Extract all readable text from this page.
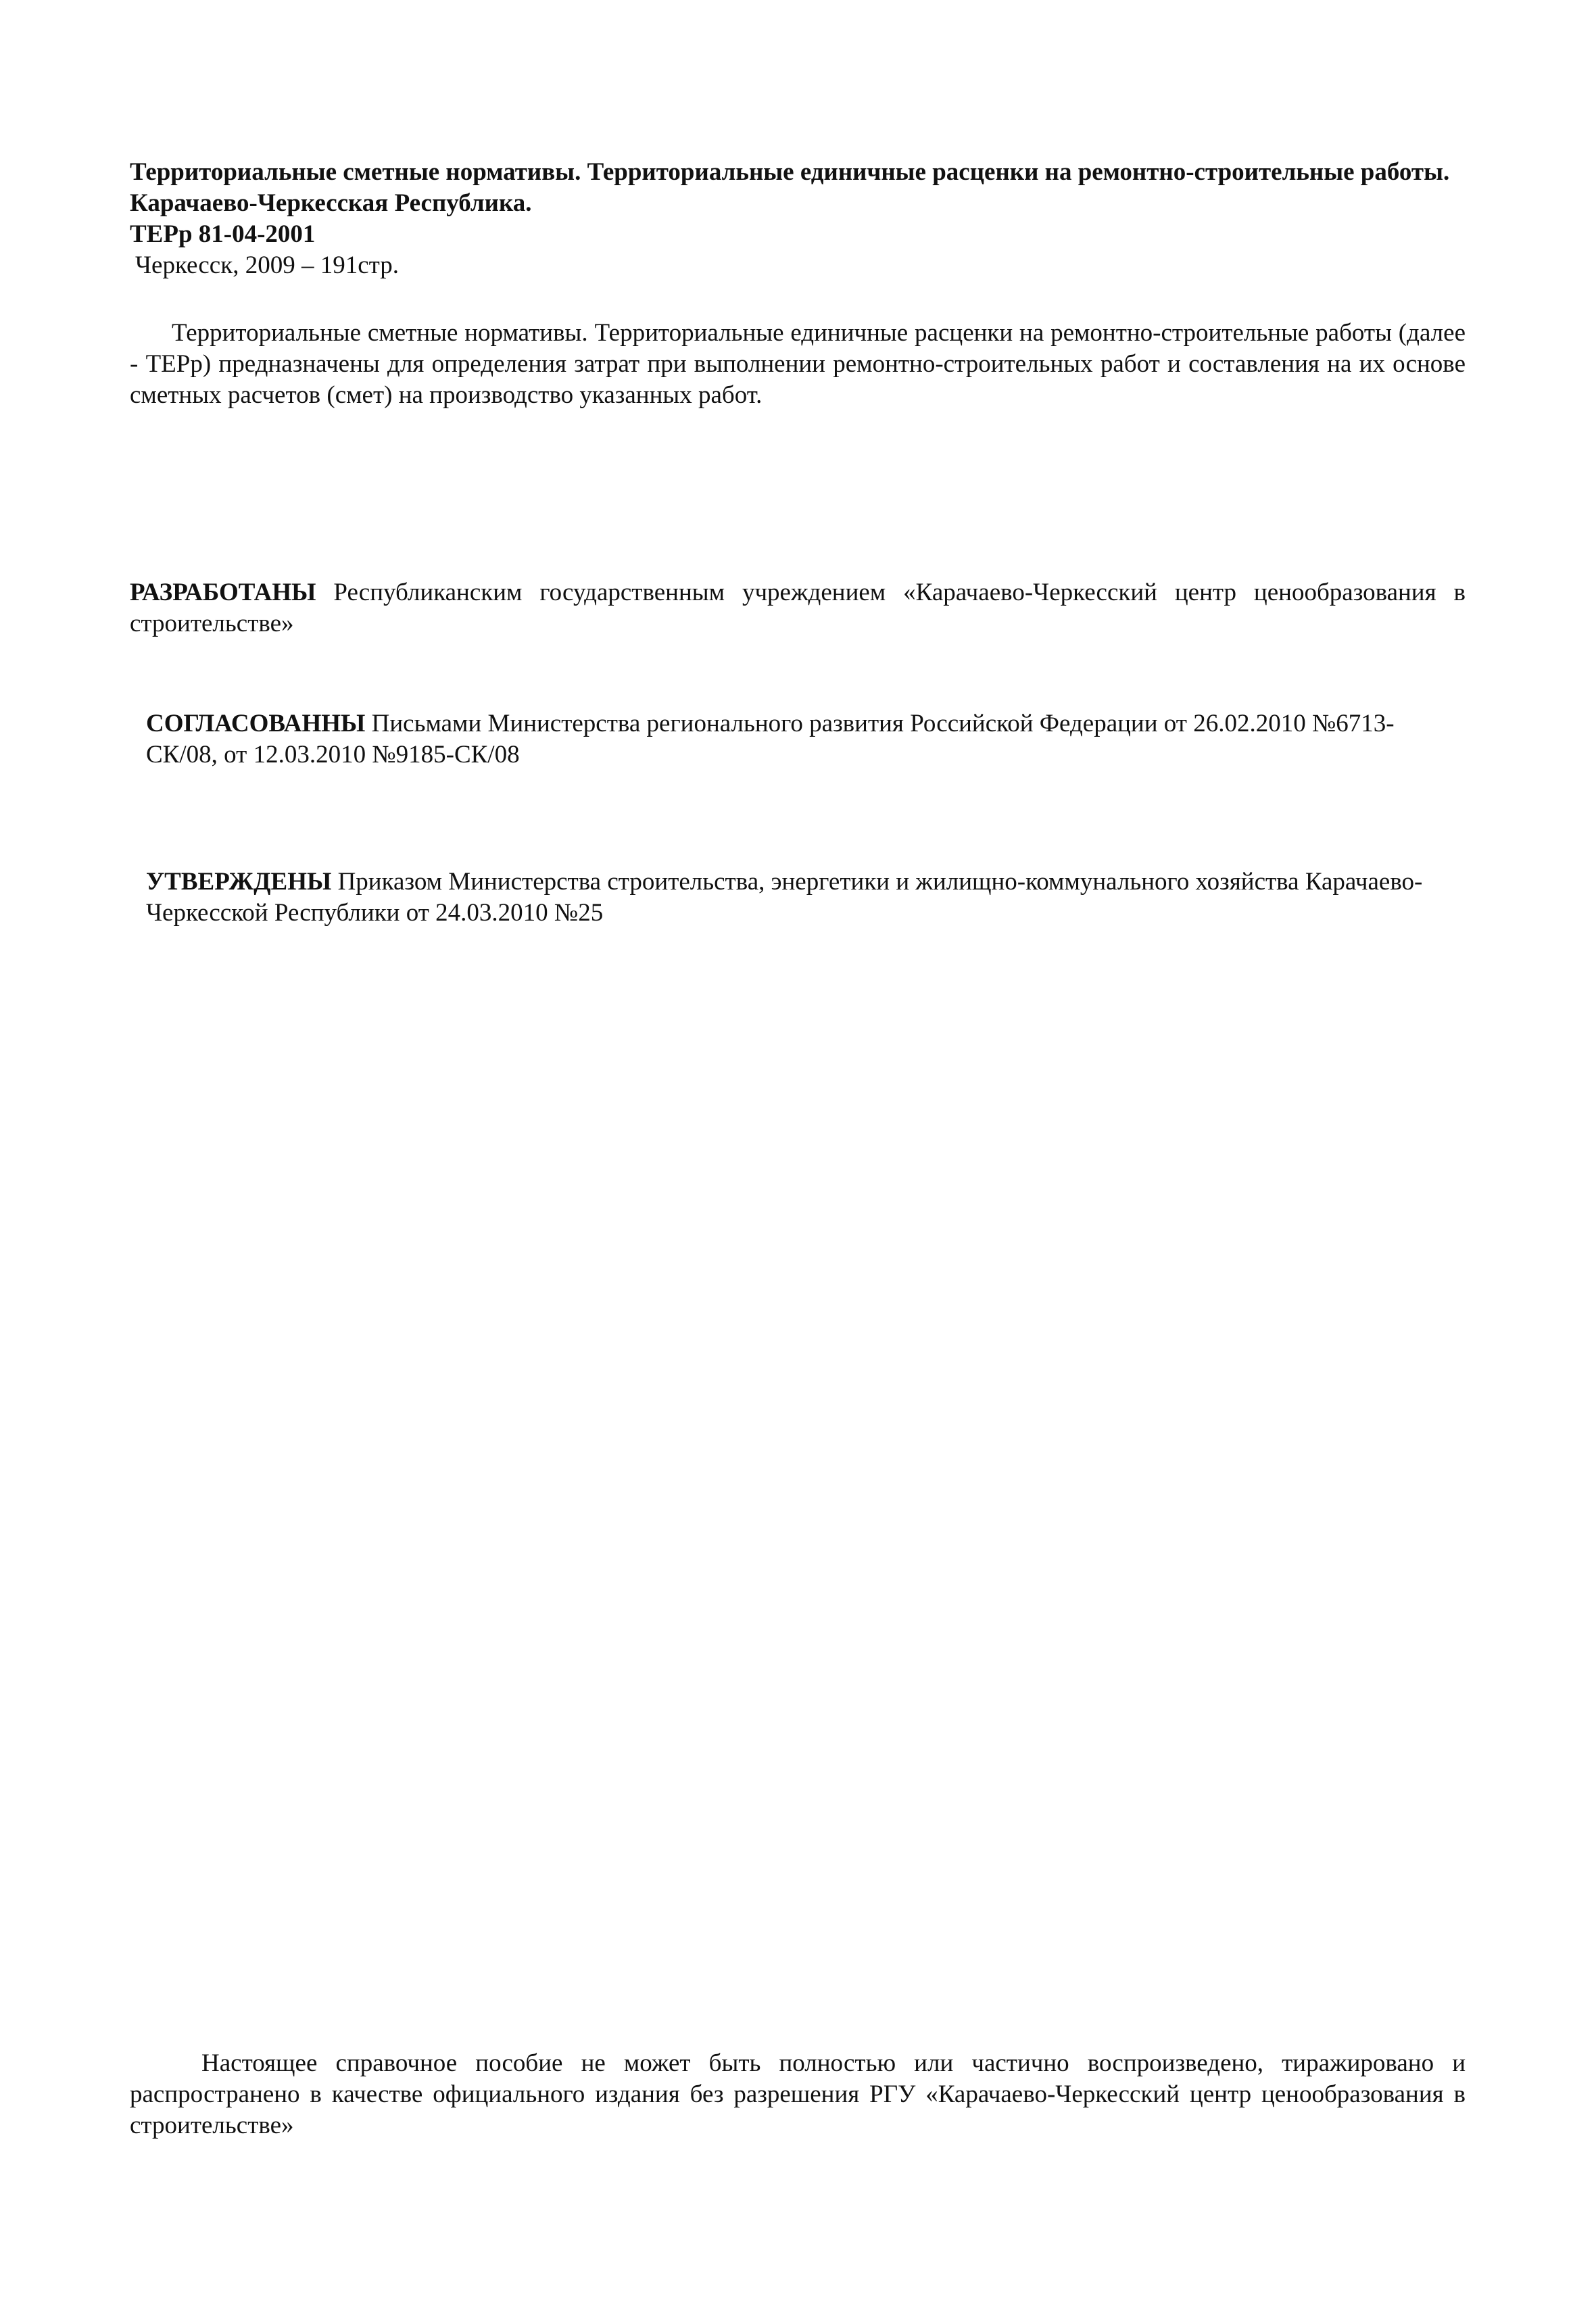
Территориальные сметные нормативы. Территориальные единичные расценки на ремонтно-строительные работы. Карачаево-Черкесская Республика.

ТЕРр 81-04-2001

Черкесск, 2009 – 191стр.

Территориальные сметные нормативы. Территориальные единичные расценки на ремонтно-строительные работы (далее - ТЕРр) предназначены для определения затрат при выполнении ремонтно-строительных работ и составления на их основе сметных расчетов (смет) на производство указанных работ.

РАЗРАБОТАНЫ Республиканским государственным учреждением «Карачаево-Черкесский центр ценообразования в строительстве»

СОГЛАСОВАННЫ Письмами Министерства регионального развития Российской Федерации от 26.02.2010 №6713-СК/08, от 12.03.2010 №9185-СК/08

УТВЕРЖДЕНЫ Приказом Министерства строительства, энергетики и жилищно-коммунального хозяйства Карачаево-Черкесской Республики от 24.03.2010 №25

Настоящее справочное пособие не может быть полностью или частично воспроизведено, тиражировано и распространено в качестве официального издания без разрешения РГУ «Карачаево-Черкесский центр ценообразования в строительстве»
